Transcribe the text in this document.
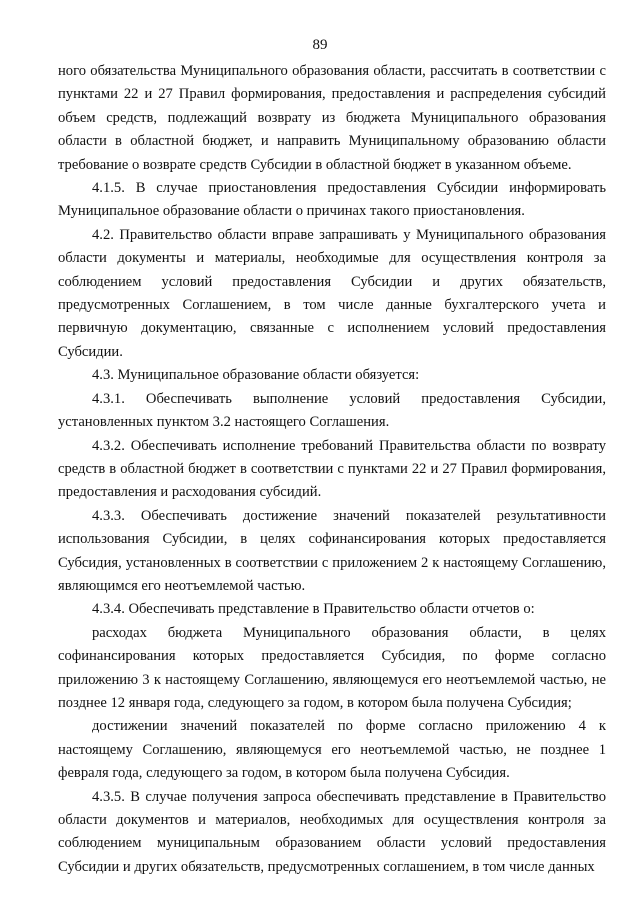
89

ного обязательства Муниципального образования области, рассчитать в соответствии с пунктами 22 и 27 Правил формирования, предоставления и распределения субсидий объем средств, подлежащий возврату из бюджета Муниципального образования области в областной бюджет, и направить Муниципальному образованию области требование о возврате средств Субсидии в областной бюджет в указанном объеме.

4.1.5. В случае приостановления предоставления Субсидии информировать Муниципальное образование области о причинах такого приостановления.

4.2. Правительство области вправе запрашивать у Муниципального образования области документы и материалы, необходимые для осуществления контроля за соблюдением условий предоставления Субсидии и других обязательств, предусмотренных Соглашением, в том числе данные бухгалтерского учета и первичную документацию, связанные с исполнением условий предоставления Субсидии.

4.3. Муниципальное образование области обязуется:

4.3.1. Обеспечивать выполнение условий предоставления Субсидии, установленных пунктом 3.2 настоящего Соглашения.

4.3.2. Обеспечивать исполнение требований Правительства области по возврату средств в областной бюджет в соответствии с пунктами 22 и 27 Правил формирования, предоставления и расходования субсидий.

4.3.3. Обеспечивать достижение значений показателей результативности использования Субсидии, в целях софинансирования которых предоставляется Субсидия, установленных в соответствии с приложением 2 к настоящему Соглашению, являющимся его неотъемлемой частью.

4.3.4. Обеспечивать представление в Правительство области отчетов о:

расходах бюджета Муниципального образования области, в целях софинансирования которых предоставляется Субсидия, по форме согласно приложению 3 к настоящему Соглашению, являющемуся его неотъемлемой частью, не позднее 12 января года, следующего за годом, в котором была получена Субсидия;

достижении значений показателей по форме согласно приложению 4 к настоящему Соглашению, являющемуся его неотъемлемой частью, не позднее 1 февраля года, следующего за годом, в котором была получена Субсидия.

4.3.5. В случае получения запроса обеспечивать представление в Правительство области документов и материалов, необходимых для осуществления контроля за соблюдением муниципальным образованием области условий предоставления Субсидии и других обязательств, предусмотренных соглашением, в том числе данных
